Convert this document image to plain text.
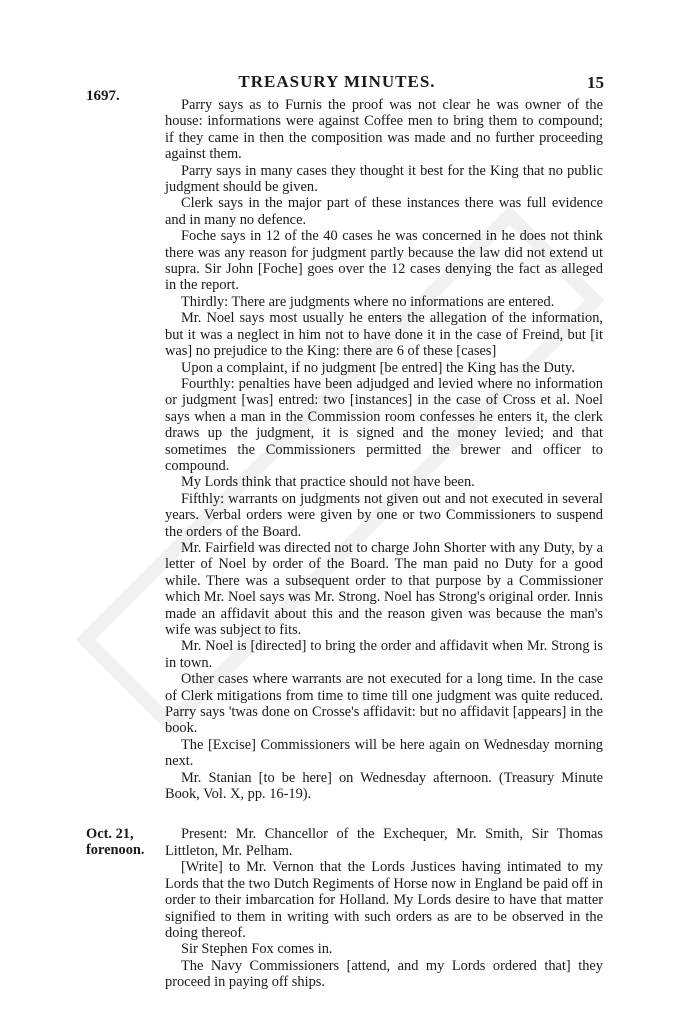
1697.
TREASURY MINUTES.	15

Parry says as to Furnis the proof was not clear he was owner of the house: informations were against Coffee men to bring them to compound; if they came in then the composition was made and no further proceeding against them.

Parry says in many cases they thought it best for the King that no public judgment should be given.

Clerk says in the major part of these instances there was full evidence and in many no defence.

Foche says in 12 of the 40 cases he was concerned in he does not think there was any reason for judgment partly because the law did not extend ut supra. Sir John [Foche] goes over the 12 cases denying the fact as alleged in the report.

Thirdly: There are judgments where no informations are entered.

Mr. Noel says most usually he enters the allegation of the information, but it was a neglect in him not to have done it in the case of Freind, but [it was] no prejudice to the King: there are 6 of these [cases]

Upon a complaint, if no judgment [be entred] the King has the Duty.

Fourthly: penalties have been adjudged and levied where no information or judgment [was] entred: two [instances] in the case of Cross et al. Noel says when a man in the Commission room confesses he enters it, the clerk draws up the judgment, it is signed and the money levied; and that sometimes the Commissioners permitted the brewer and officer to compound.

My Lords think that practice should not have been.

Fifthly: warrants on judgments not given out and not executed in several years. Verbal orders were given by one or two Commissioners to suspend the orders of the Board.

Mr. Fairfield was directed not to charge John Shorter with any Duty, by a letter of Noel by order of the Board. The man paid no Duty for a good while. There was a subsequent order to that purpose by a Commissioner which Mr. Noel says was Mr. Strong. Noel has Strong's original order. Innis made an affidavit about this and the reason given was because the man's wife was subject to fits.

Mr. Noel is [directed] to bring the order and affidavit when Mr. Strong is in town.

Other cases where warrants are not executed for a long time. In the case of Clerk mitigations from time to time till one judgment was quite reduced. Parry says 'twas done on Crosse's affidavit: but no affidavit [appears] in the book.

The [Excise] Commissioners will be here again on Wednesday morning next.

Mr. Stanian [to be here] on Wednesday afternoon. (Treasury Minute Book, Vol. X, pp. 16-19).

Present: Mr. Chancellor of the Exchequer, Mr. Smith, Sir Thomas Littleton, Mr. Pelham.

[Write] to Mr. Vernon that the Lords Justices having intimated to my Lords that the two Dutch Regiments of Horse now in England be paid off in order to their imbarcation for Holland. My Lords desire to have that matter signified to them in writing with such orders as are to be observed in the doing thereof.

Sir Stephen Fox comes in.

The Navy Commissioners [attend, and my Lords ordered that] they proceed in paying off ships.

Oct. 21,
forenoon.
